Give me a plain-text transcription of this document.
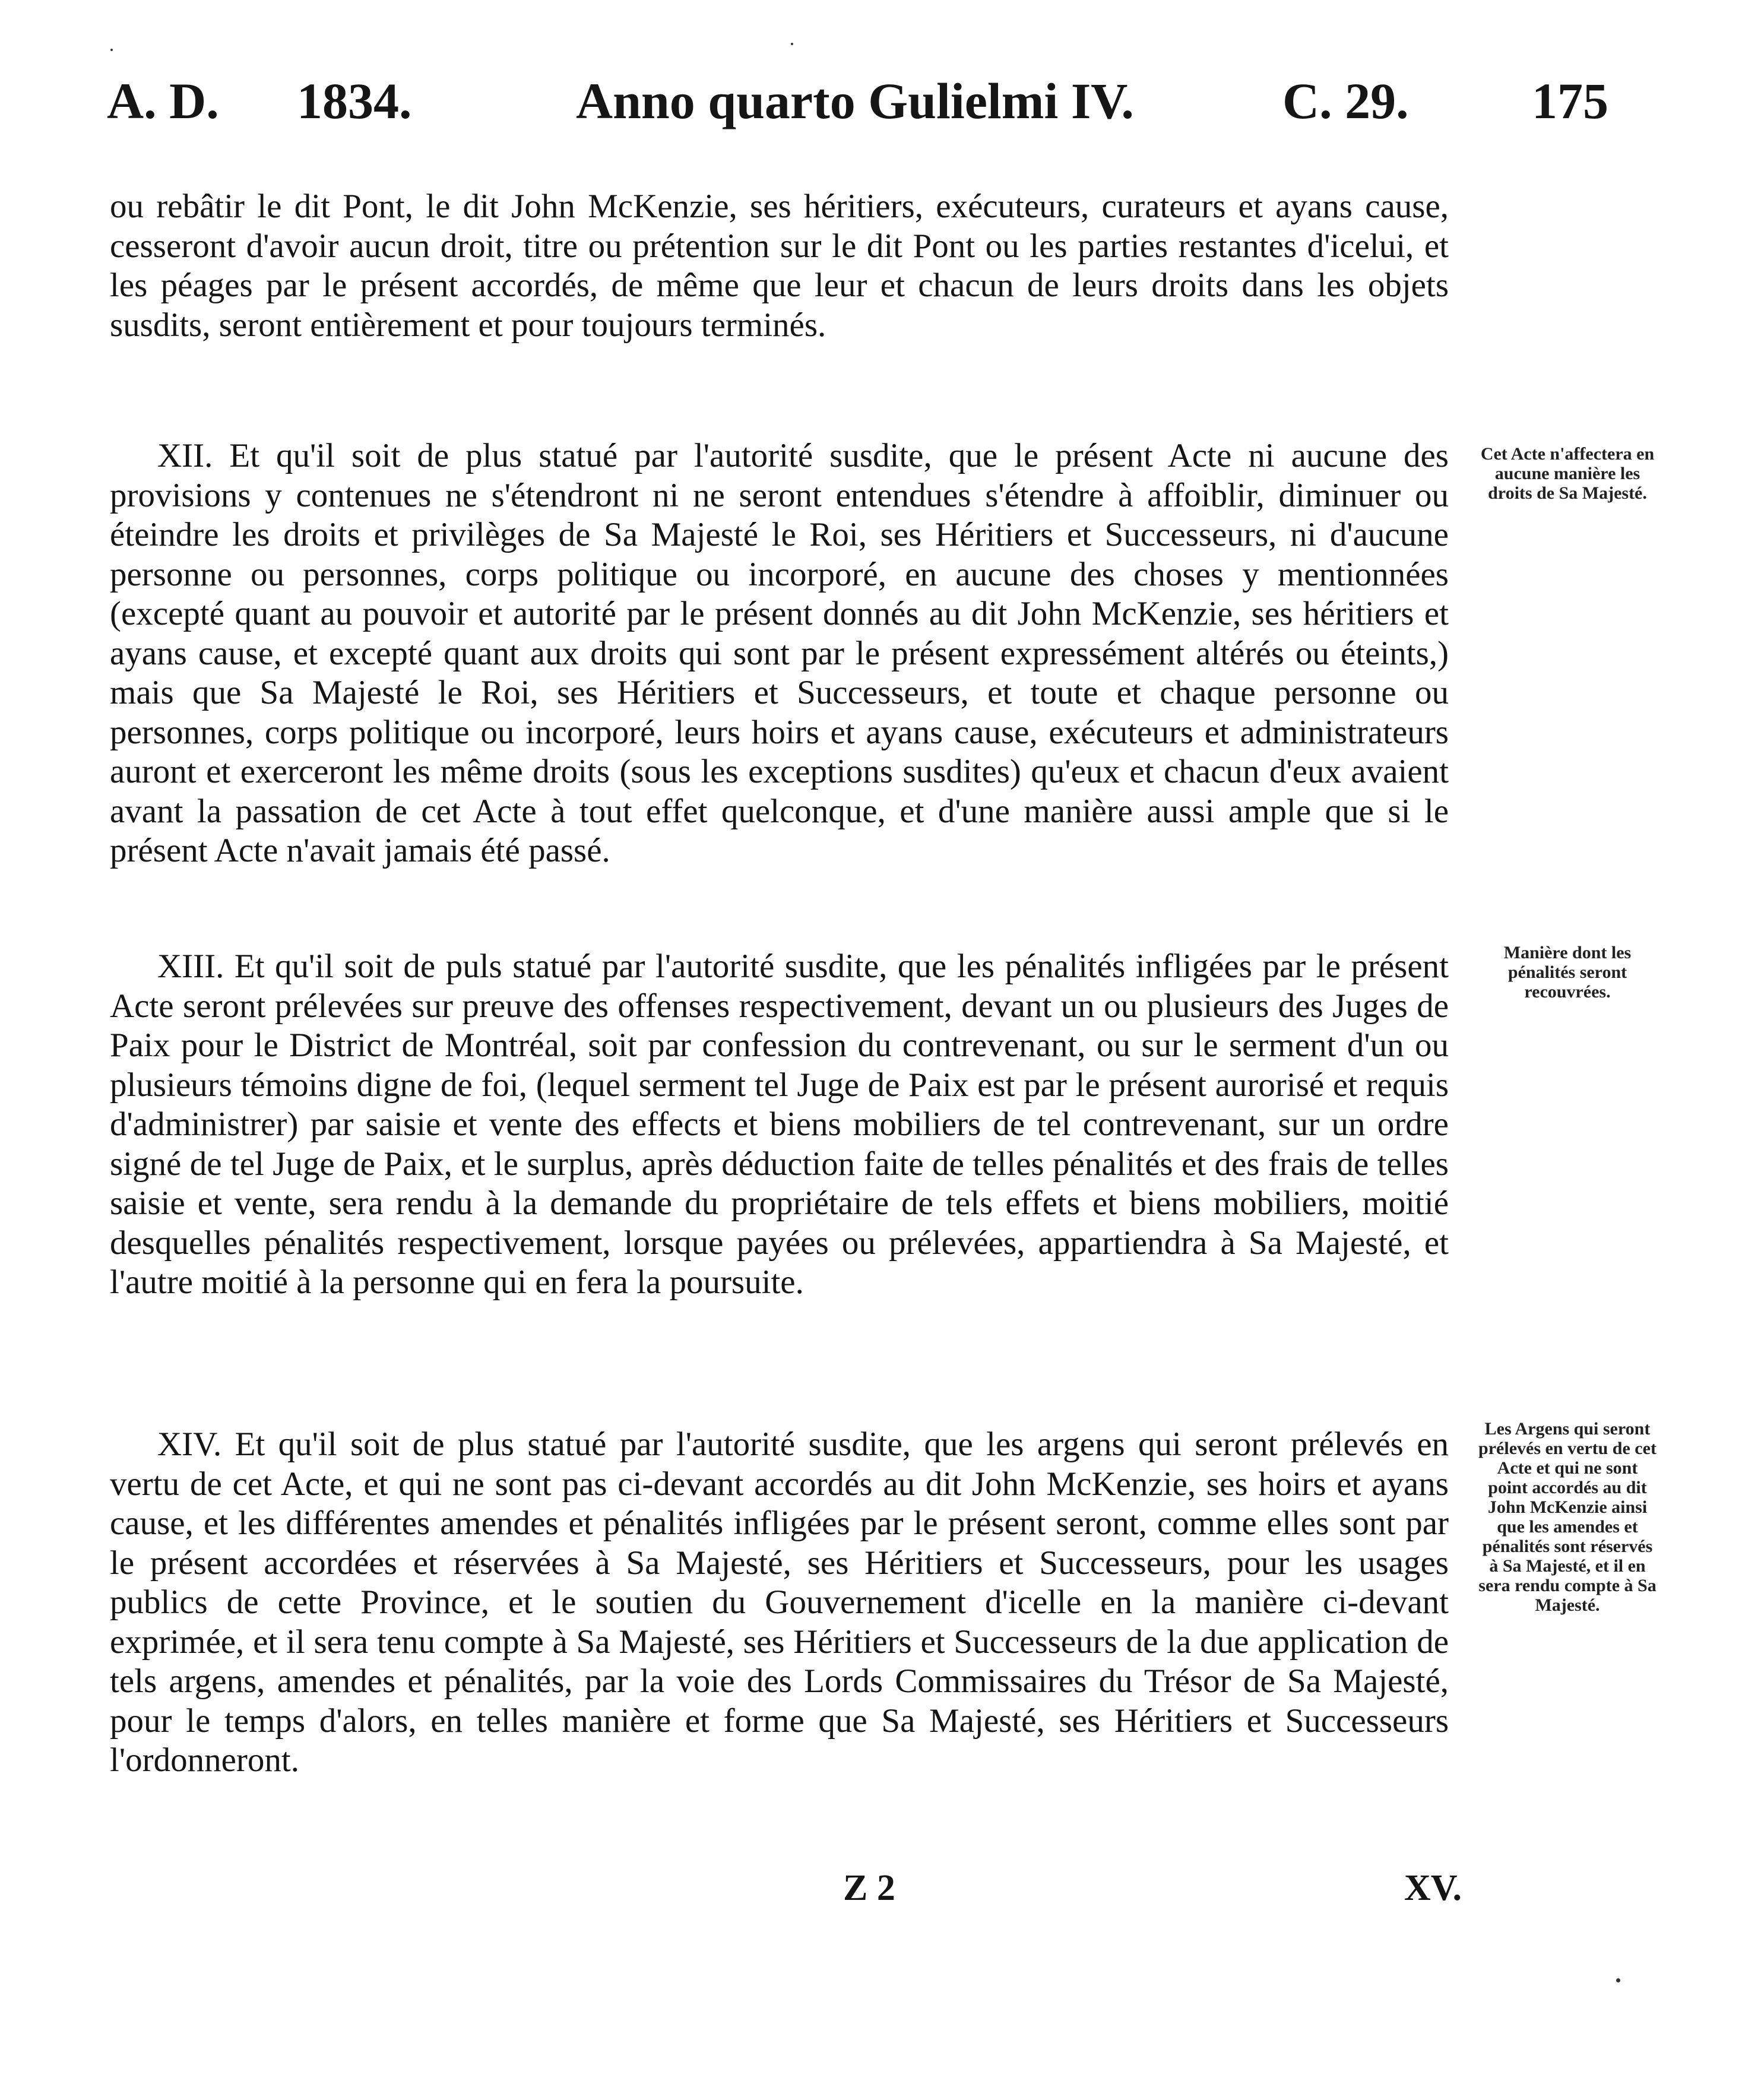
A. D. 1834.	Anno quarto Gulielmi IV.	C. 29. 175

ou rebâtir le dit Pont, le dit John McKenzie, ses héritiers, exécuteurs, curateurs et ayans cause, cesseront d'avoir aucun droit, titre ou prétention sur le dit Pont ou les parties restantes d'icelui, et les péages par le présent accordés, de même que leur et chacun de leurs droits dans les objets susdits, seront entièrement et pour toujours terminés.

XII. Et qu'il soit de plus statué par l'autorité susdite, que le présent Acte ni aucune des provisions y contenues ne s'étendront ni ne seront entendues s'étendre à affoiblir, diminuer ou éteindre les droits et privilèges de Sa Majesté le Roi, ses Héritiers et Successeurs, ni d'aucune personne ou personnes, corps politique ou incorporé, en aucune des choses y mentionnées (excepté quant au pouvoir et autorité par le présent donnés au dit John McKenzie, ses héritiers et ayans cause, et excepté quant aux droits qui sont par le présent expressément altérés ou éteints,) mais que Sa Majesté le Roi, ses Héritiers et Successeurs, et toute et chaque personne ou personnes, corps politique ou incorporé, leurs hoirs et ayans cause, exécuteurs et administrateurs auront et exerceront les même droits (sous les exceptions susdites) qu'eux et chacun d'eux avaient avant la passation de cet Acte à tout effet quelconque, et d'une manière aussi ample que si le présent Acte n'avait jamais été passé.

Cet Acte n'affectera en aucune manière les droits de Sa Majesté.

XIII. Et qu'il soit de puls statué par l'autorité susdite, que les pénalités infligées par le présent Acte seront prélevées sur preuve des offenses respectivement, devant un ou plusieurs des Juges de Paix pour le District de Montréal, soit par confession du contrevenant, ou sur le serment d'un ou plusieurs témoins digne de foi, (lequel serment tel Juge de Paix est par le présent aurorisé et requis d'administrer) par saisie et vente des effects et biens mobiliers de tel contrevenant, sur un ordre signé de tel Juge de Paix, et le surplus, après déduction faite de telles pénalités et des frais de telles saisie et vente, sera rendu à la demande du propriétaire de tels effets et biens mobiliers, moitié desquelles pénalités respectivement, lorsque payées ou prélevées, appartiendra à Sa Majesté, et l'autre moitié à la personne qui en fera la poursuite.

Manière dont les pénalités seront recouvrées.

XIV. Et qu'il soit de plus statué par l'autorité susdite, que les argens qui seront prélevés en vertu de cet Acte, et qui ne sont pas ci-devant accordés au dit John McKenzie, ses hoirs et ayans cause, et les différentes amendes et pénalités infligées par le présent seront, comme elles sont par le présent accordées et réservées à Sa Majesté, ses Héritiers et Successeurs, pour les usages publics de cette Province, et le soutien du Gouvernement d'icelle en la manière ci-devant exprimée, et il sera tenu compte à Sa Majesté, ses Héritiers et Successeurs de la due application de tels argens, amendes et pénalités, par la voie des Lords Commissaires du Trésor de Sa Majesté, pour le temps d'alors, en telles manière et forme que Sa Majesté, ses Héritiers et Successeurs l'ordonneront.

Les Argens qui seront prélevés en vertu de cet Acte et qui ne sont point accordés au dit John McKenzie ainsi que les amendes et pénalités sont réservés à Sa Majesté, et il en sera rendu compte à Sa Majesté.
Z 2	XV.
